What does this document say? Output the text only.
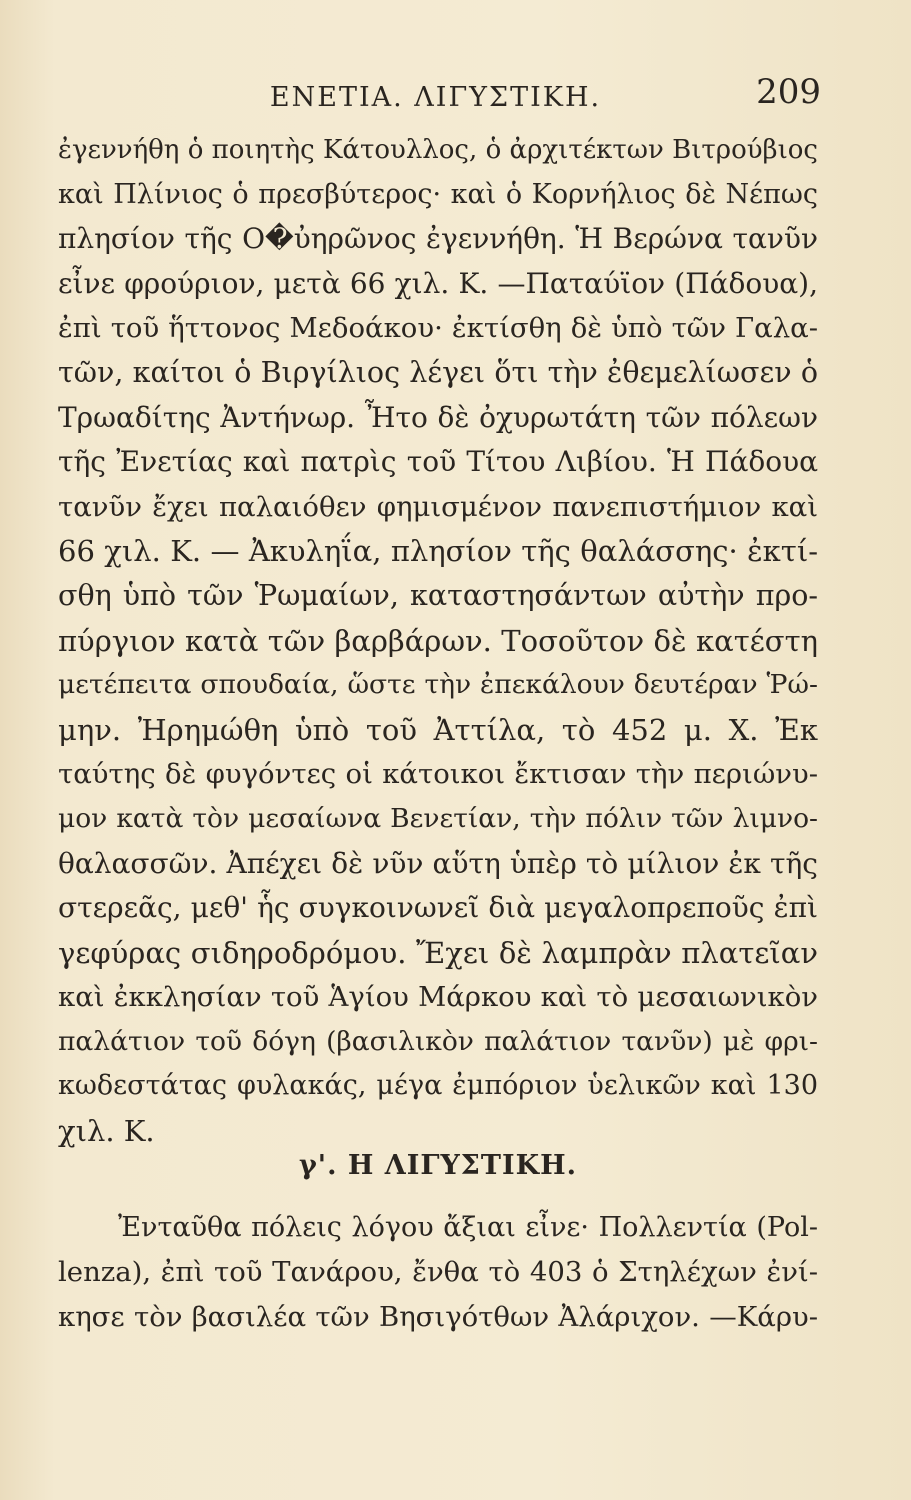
ΕΝΕΤΙΑ. ΛΙΓΥΣΤΙΚΗ.	209
ἐγεννήθη ὁ ποιητὴς Κάτουλλος, ὁ ἀρχιτέκτων Βιτρούβιος
καὶ Πλίνιος ὁ πρεσβύτερος· καὶ ὁ Κορνήλιος δὲ Νέπως
πλησίον τῆς Ο�ὐηρῶνος ἐγεννήθη. Ἡ Βερώνα τανῦν
εἶνε φρούριον, μετὰ 66 χιλ. Κ. —Παταύϊον (Πάδουα),
ἐπὶ τοῦ ἥττονος Μεδοάκου· ἐκτίσθη δὲ ὑπὸ τῶν Γαλα-
τῶν, καίτοι ὁ Βιργίλιος λέγει ὅτι τὴν ἐθεμελίωσεν ὁ
Τρωαδίτης Ἀντήνωρ. Ἦτο δὲ ὀχυρωτάτη τῶν πόλεων
τῆς Ἐνετίας καὶ πατρὶς τοῦ Τίτου Λιβίου. Ἡ Πάδουα
τανῦν ἔχει παλαιόθεν φημισμένον πανεπιστήμιον καὶ
66 χιλ. Κ. — Ἀκυληΐα, πλησίον τῆς θαλάσσης· ἐκτί-
σθη ὑπὸ τῶν Ῥωμαίων, καταστησάντων αὐτὴν προ-
πύργιον κατὰ τῶν βαρβάρων. Τοσοῦτον δὲ κατέστη
μετέπειτα σπουδαία, ὥστε τὴν ἐπεκάλουν δευτέραν Ῥώ-
μην. Ἠρημώθη ὑπὸ τοῦ Ἀττίλα, τὸ 452 μ. Χ. Ἐκ
ταύτης δὲ φυγόντες οἱ κάτοικοι ἔκτισαν τὴν περιώνυ-
μον κατὰ τὸν μεσαίωνα Βενετίαν, τὴν πόλιν τῶν λιμνο-
θαλασσῶν. Ἀπέχει δὲ νῦν αὕτη ὑπὲρ τὸ μίλιον ἐκ τῆς
στερεᾶς, μεθ' ἧς συγκοινωνεῖ διὰ μεγαλοπρεποῦς ἐπὶ
γεφύρας σιδηροδρόμου. Ἔχει δὲ λαμπρὰν πλατεῖαν
καὶ ἐκκλησίαν τοῦ Ἁγίου Μάρκου καὶ τὸ μεσαιωνικὸν
παλάτιον τοῦ δόγη (βασιλικὸν παλάτιον τανῦν) μὲ φρι-
κωδεστάτας φυλακάς, μέγα ἐμπόριον ὑελικῶν καὶ 130
χιλ. Κ.
γ'. Η ΛΙΓΥΣΤΙΚΗ.
Ἐνταῦθα πόλεις λόγου ἄξιαι εἶνε· Πολλεντία (Pol-
lenza), ἐπὶ τοῦ Τανάρου, ἔνθα τὸ 403 ὁ Στηλέχων ἐνί-
κησε τὸν βασιλέα τῶν Βησιγότθων Ἀλάριχον. —Κάρυ-
